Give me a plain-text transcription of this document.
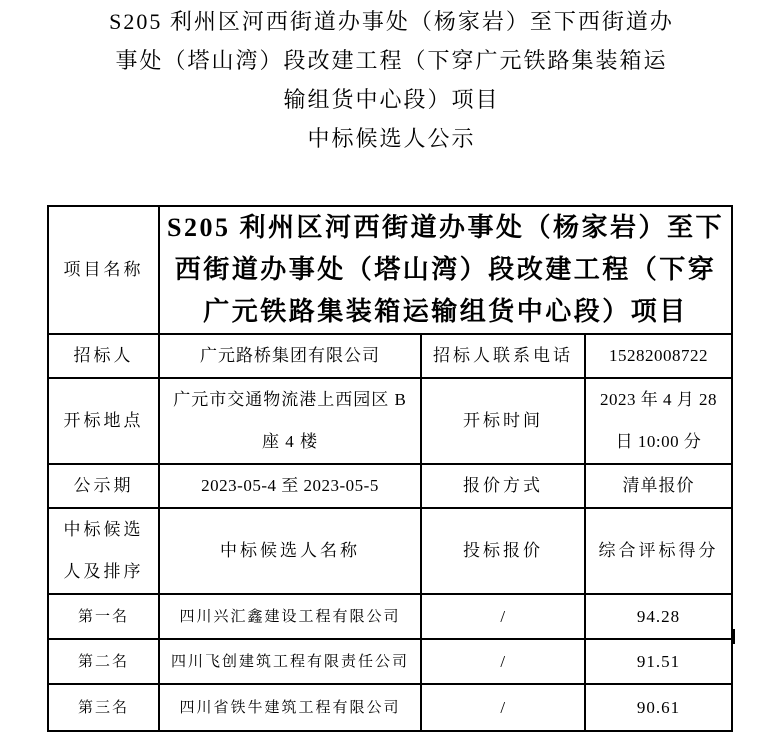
S205 利州区河西街道办事处（杨家岩）至下西街道办
事处（塔山湾）段改建工程（下穿广元铁路集装箱运
输组货中心段）项目
中标候选人公示
项目名称	S205 利州区河西街道办事处（杨家岩）至下西街道办事处（塔山湾）段改建工程（下穿广元铁路集装箱运输组货中心段）项目		
招标人	广元路桥集团有限公司	招标人联系电话	15282008722
开标地点	广元市交通物流港上西园区 B 座 4 楼	开标时间	2023 年 4 月 28 日 10:00 分

公示期	2023-05-4 至 2023-05-5	报价方式	清单报价

中标候选人及排序	中标候选人名称	投标报价	综合评标得分
第一名	四川兴汇鑫建设工程有限公司	/	94.28
第二名	四川飞创建筑工程有限责任公司	/	91.51
第三名	四川省铁牛建筑工程有限公司	/	90.61
